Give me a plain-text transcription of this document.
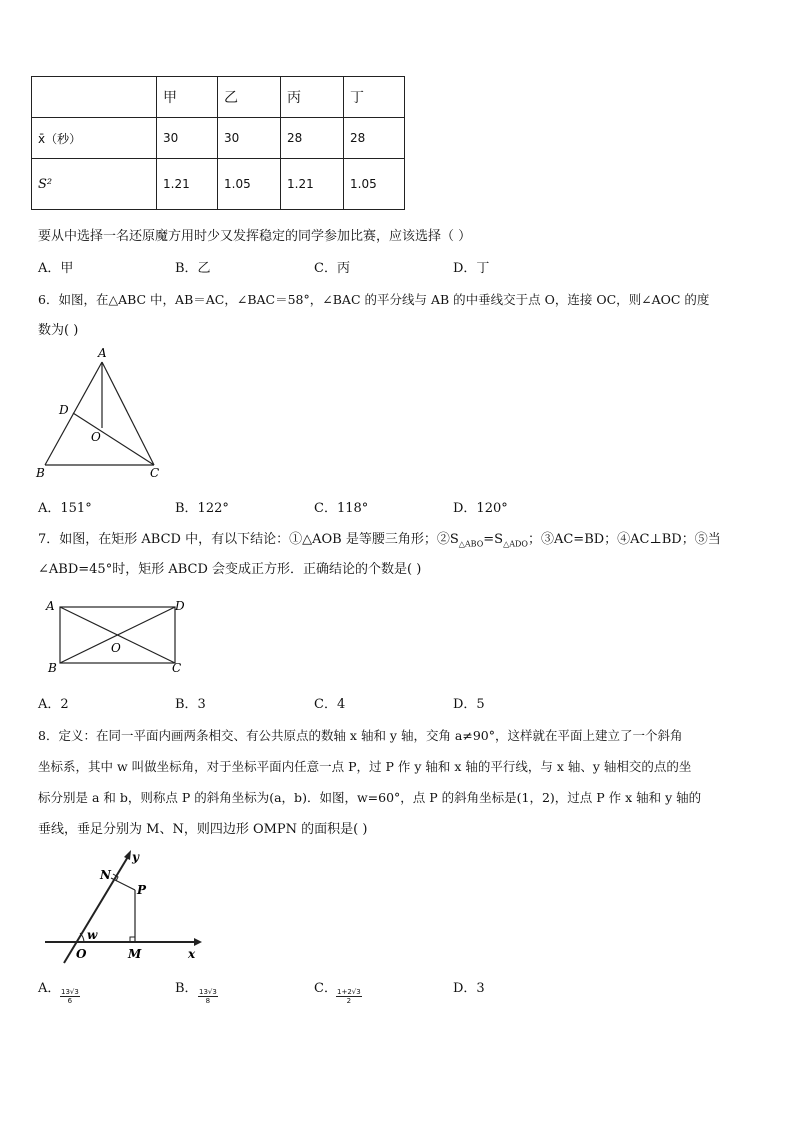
	甲	乙	丙	丁
x̄（秒）	30	30	28	28
S²	1.21	1.05	1.21	1.05
要从中选择一名还原魔方用时少又发挥稳定的同学参加比赛，应该选择（ ）
A．甲	B．乙	C．丙	D．丁
6．如图，在△ABC 中，AB＝AC，∠BAC＝58°，∠BAC 的平分线与 AB 的中垂线交于点 O，连接 OC，则∠AOC 的度
数为( )
A
D
O
B	C
A．151°	B．122°	C．118°	D．120°
7．如图，在矩形 ABCD 中，有以下结论：①△AOB 是等腰三角形；$②S_{\triangle ABO}=S_{\triangle ADO}$；③AC=BD；④AC⊥BD；⑤当
∠ABD=45°时，矩形 ABCD 会变成正方形．正确结论的个数是( )
A	D
O
B	C
A．2	B．3	C．4	D．5
8．定义：在同一平面内画两条相交、有公共原点的数轴 x 轴和 y 轴，交角 a≠90°，这样就在平面上建立了一个斜角
坐标系，其中 w 叫做坐标角，对于坐标平面内任意一点 P，过 P 作 y 轴和 x 轴的平行线，与 x 轴、y 轴相交的点的坐
标分别是 a 和 b，则称点 P 的斜角坐标为(a，b)．如图，w=60°，点 P 的斜角坐标是(1，2)，过点 P 作 x 轴和 y 轴的
垂线，垂足分别为 M、N，则四边形 OMPN 的面积是( )
y
x
N
P
w
O	M
A． $\frac{13√3}{6}$	B． $\frac{13√3}{8}$	C． $\frac{1+2√3}{2}$	D．3
